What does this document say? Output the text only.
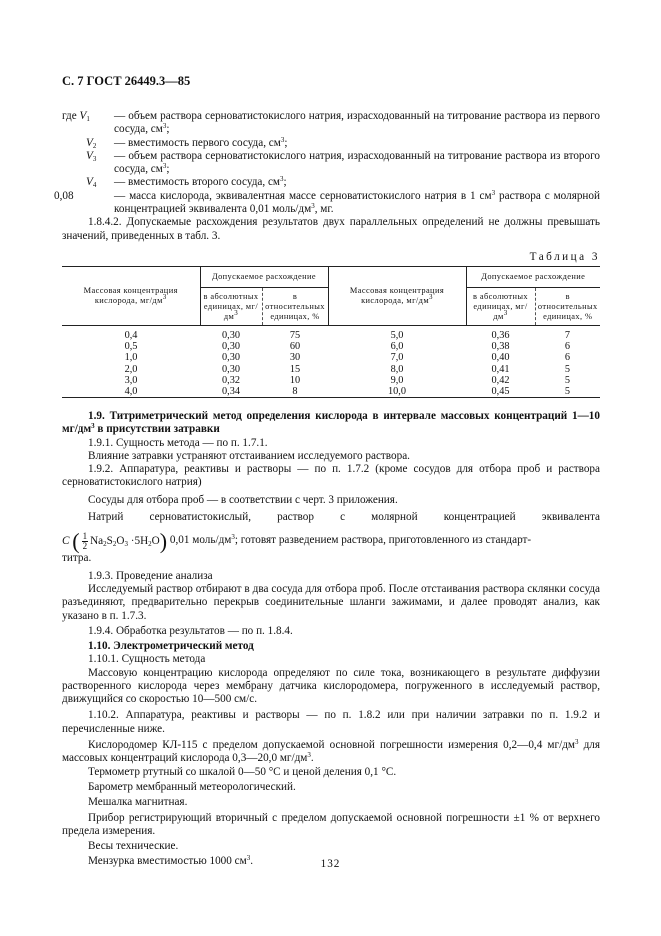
С. 7 ГОСТ 26449.3—85
где $V_1$ — объем раствора серноватистокислого натрия, израсходованный на титрование раствора из первого сосуда, $см^3$;
$V_2$ — вместимость первого сосуда, $см^3$;
$V_3$ — объем раствора серноватистокислого натрия, израсходованный на титрование раствора из второго сосуда, $см^3$;
$V_4$ — вместимость второго сосуда, $см^3$;
0,08	— масса кислорода, эквивалентная массе серноватистокислого натрия в 1 $см^3$ раствора с молярной концентрацией эквивалента 0,01 моль/$дм^3$, мг.
1.8.4.2. Допускаемые расхождения результатов двух параллельных определений не должны превышать значений, приведенных в табл. 3.
Таблица 3
Массовая концентрация кислорода, $мг/дм^3$	Допускаемое расхождение		Массовая концентрация кислорода, $мг/дм^3$	Допускаемое расхождение	
	в абсолютных единицах, $мг/дм^3$	в относительных единицах, %		в абсолютных единицах, $мг/дм^3$	в относительных единицах, %

0,4	0,30	75	5,0	0,36	7
0,5	0,30	60	6,0	0,38	6
1,0	0,30	30	7,0	0,40	6
2,0	0,30	15	8,0	0,41	5
3,0	0,32	10	9,0	0,42	5
4,0	0,34	8	10,0	0,45	5
1.9. Титриметрический метод определения кислорода в интервале массовых концентраций 1—10 $мг/дм^3$ в присутствии затравки
1.9.1. Сущность метода — по п. 1.7.1.
Влияние затравки устраняют отстаиванием исследуемого раствора.
1.9.2. Аппаратура, реактивы и растворы — по п. 1.7.2 (кроме сосудов для отбора проб и раствора серноватистокислого натрия)
Сосуды для отбора проб — в соответствии с черт. 3 приложения.
Натрий серноватистокислый, раствор с молярной концентрацией эквивалента
C ( $\frac{1}{2} Na_2S_2O_3 \cdot 5H_2O$) 0,01 моль/$дм^3$; готовят разведением раствора, приготовленного из стандарт-
титра.
1.9.3. Проведение анализа
Исследуемый раствор отбирают в два сосуда для отбора проб. После отстаивания раствора склянки сосуда разъединяют, предварительно перекрыв соединительные шланги зажимами, и далее проводят анализ, как указано в п. 1.7.3.
1.9.4. Обработка результатов — по п. 1.8.4.
1.10. Электрометрический метод
1.10.1. Сущность метода
Массовую концентрацию кислорода определяют по силе тока, возникающего в результате диффузии растворенного кислорода через мембрану датчика кислородомера, погруженного в исследуемый раствор, движущийся со скоростью 10—500 см/с.
1.10.2. Аппаратура, реактивы и растворы — по п. 1.8.2 или при наличии затравки по п. 1.9.2 и перечисленные ниже.
Кислородомер КЛ-115 с пределом допускаемой основной погрешности измерения 0,2—0,4 $мг/дм^3$ для массовых концентраций кислорода 0,3—20,0 $мг/дм^3$.
Термометр ртутный со шкалой 0—50 °С и ценой деления 0,1 °С.
Барометр мембранный метеорологический.
Мешалка магнитная.
Прибор регистрирующий вторичный с пределом допускаемой основной погрешности ±1 % от верхнего предела измерения.
Весы технические.
Мензурка вместимостью 1000 $см^3$.	132
